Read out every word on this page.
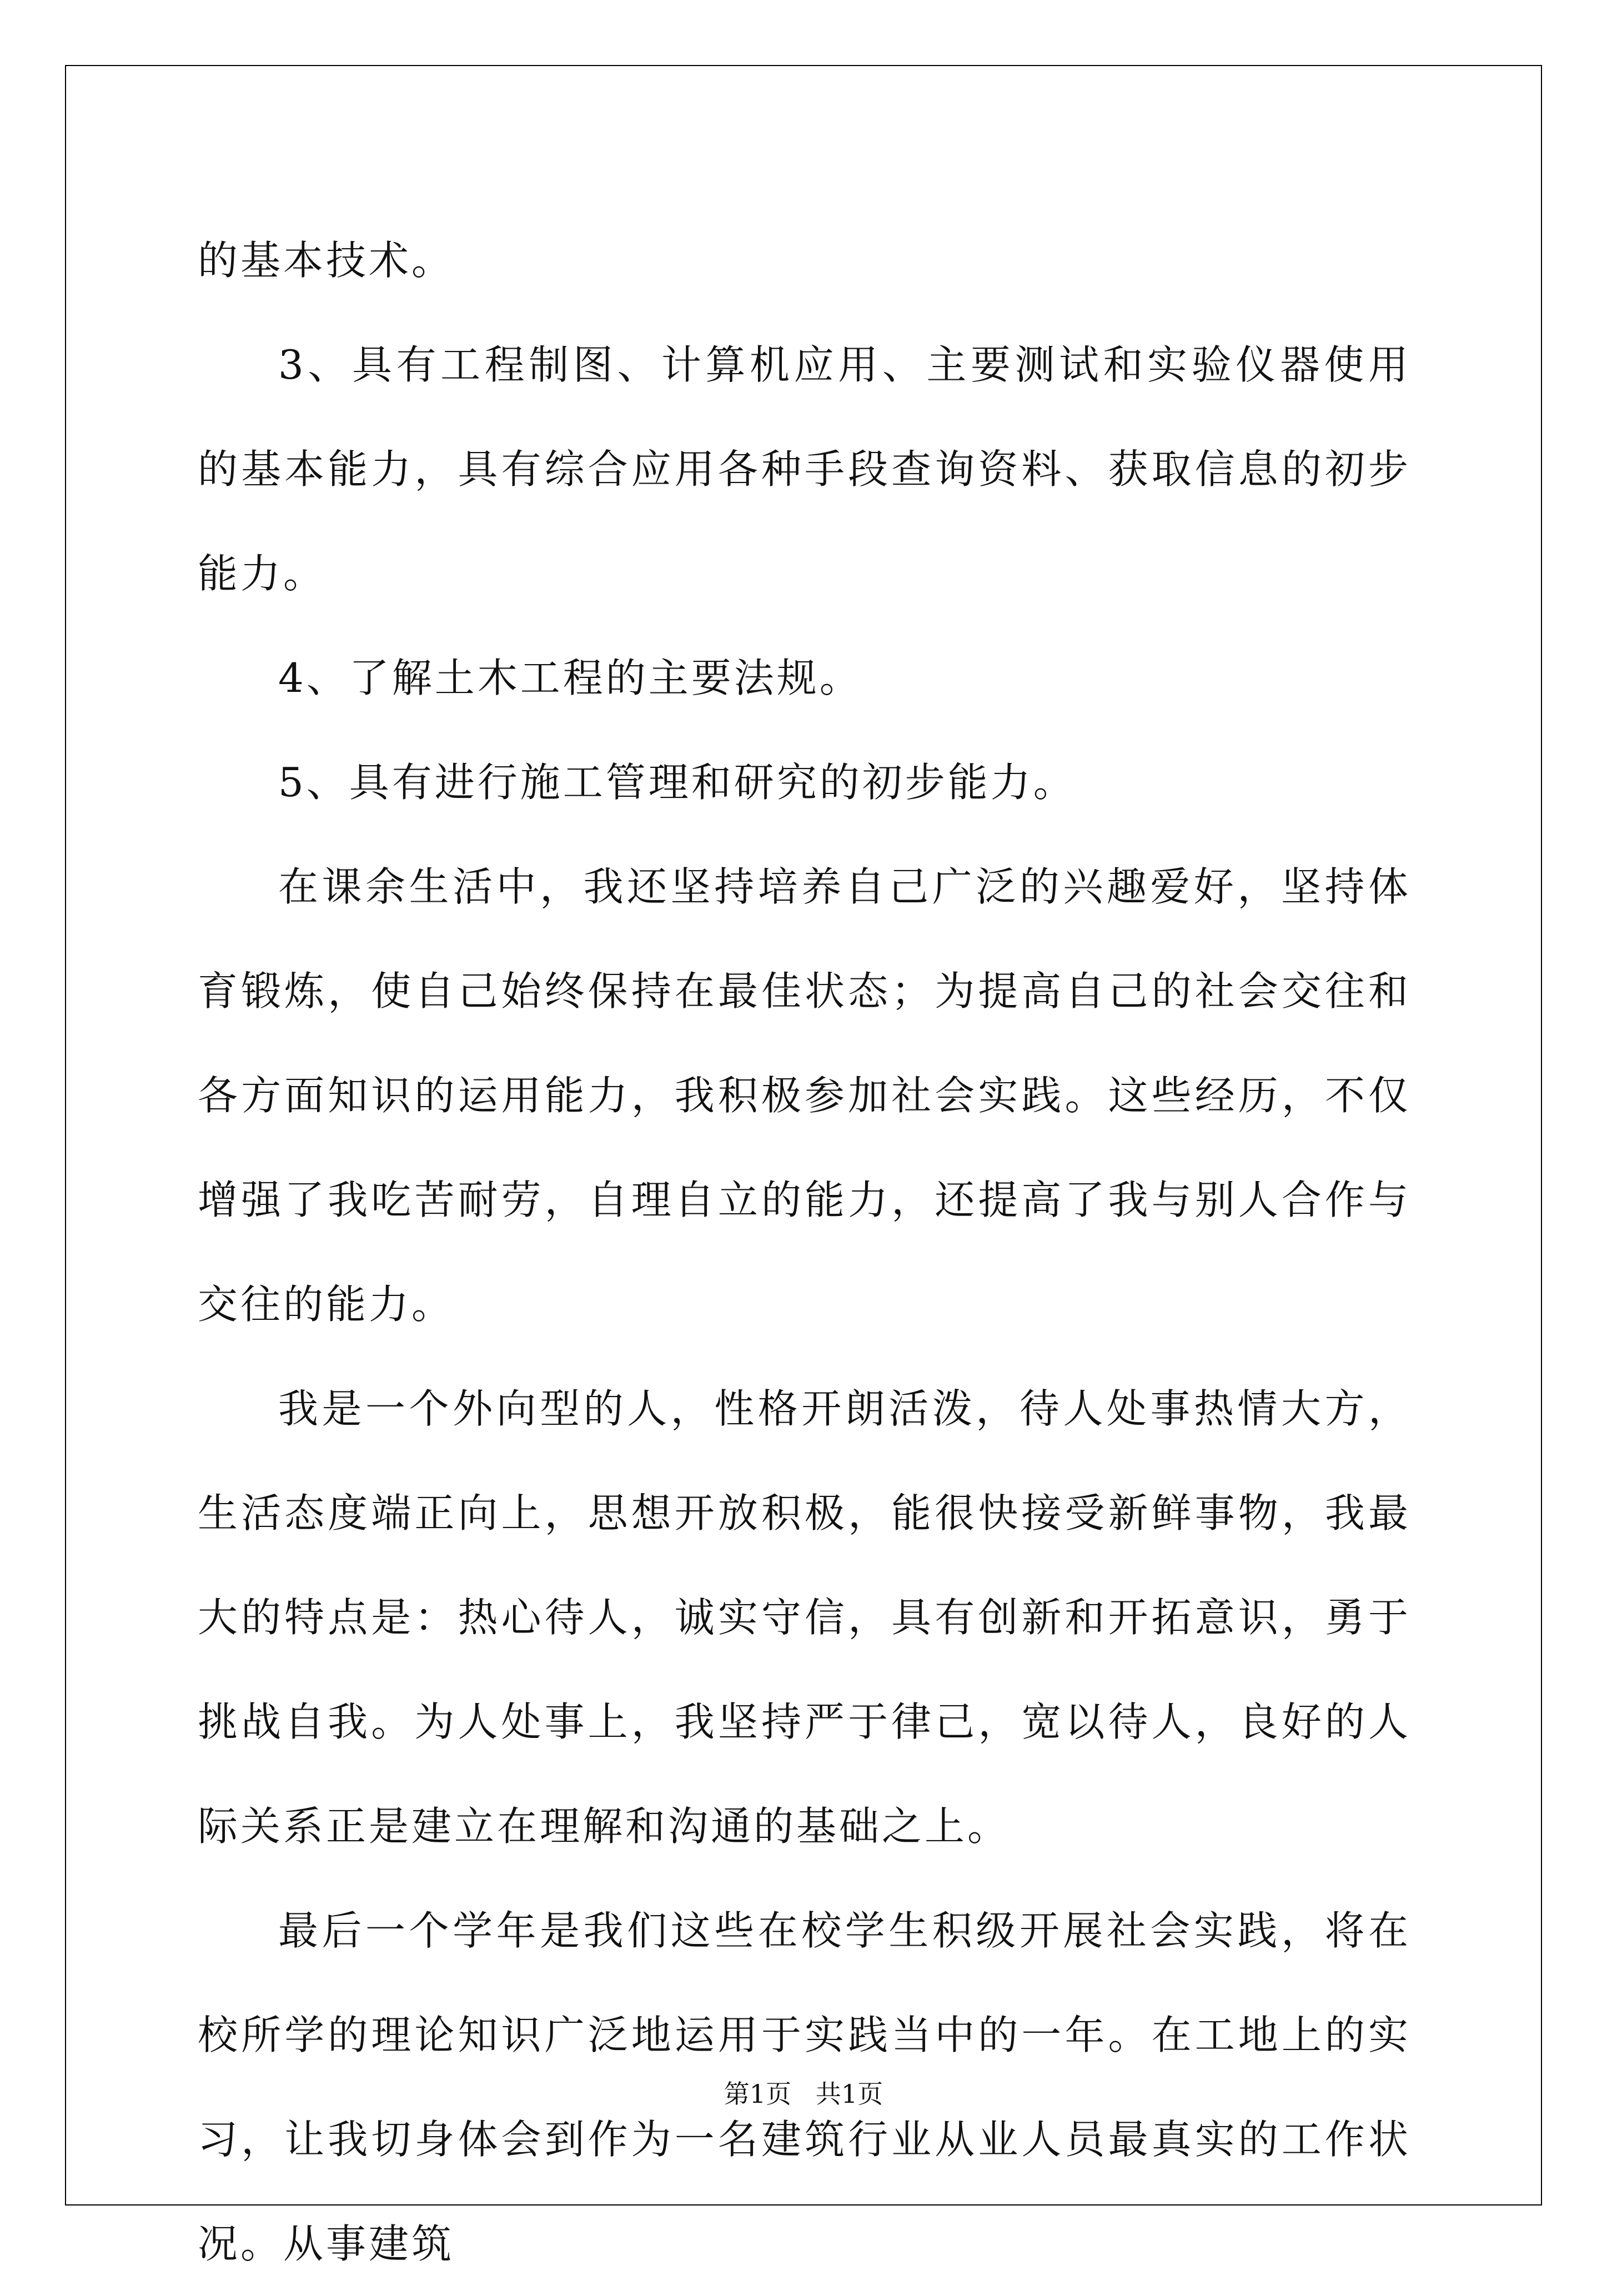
的基本技术。

3、具有工程制图、计算机应用、主要测试和实验仪器使用的基本能力，具有综合应用各种手段查询资料、获取信息的初步能力。

4、了解土木工程的主要法规。

5、具有进行施工管理和研究的初步能力。

在课余生活中，我还坚持培养自己广泛的兴趣爱好，坚持体育锻炼，使自己始终保持在最佳状态；为提高自己的社会交往和各方面知识的运用能力，我积极参加社会实践。这些经历，不仅增强了我吃苦耐劳，自理自立的能力，还提高了我与别人合作与交往的能力。

我是一个外向型的人，性格开朗活泼，待人处事热情大方，生活态度端正向上，思想开放积极，能很快接受新鲜事物，我最大的特点是：热心待人，诚实守信，具有创新和开拓意识，勇于挑战自我。为人处事上，我坚持严于律己，宽以待人，良好的人际关系正是建立在理解和沟通的基础之上。

最后一个学年是我们这些在校学生积级开展社会实践，将在校所学的理论知识广泛地运用于实践当中的一年。在工地上的实习，让我切身体会到作为一名建筑行业从业人员最真实的工作状况。从事建筑

第1页   共1页
